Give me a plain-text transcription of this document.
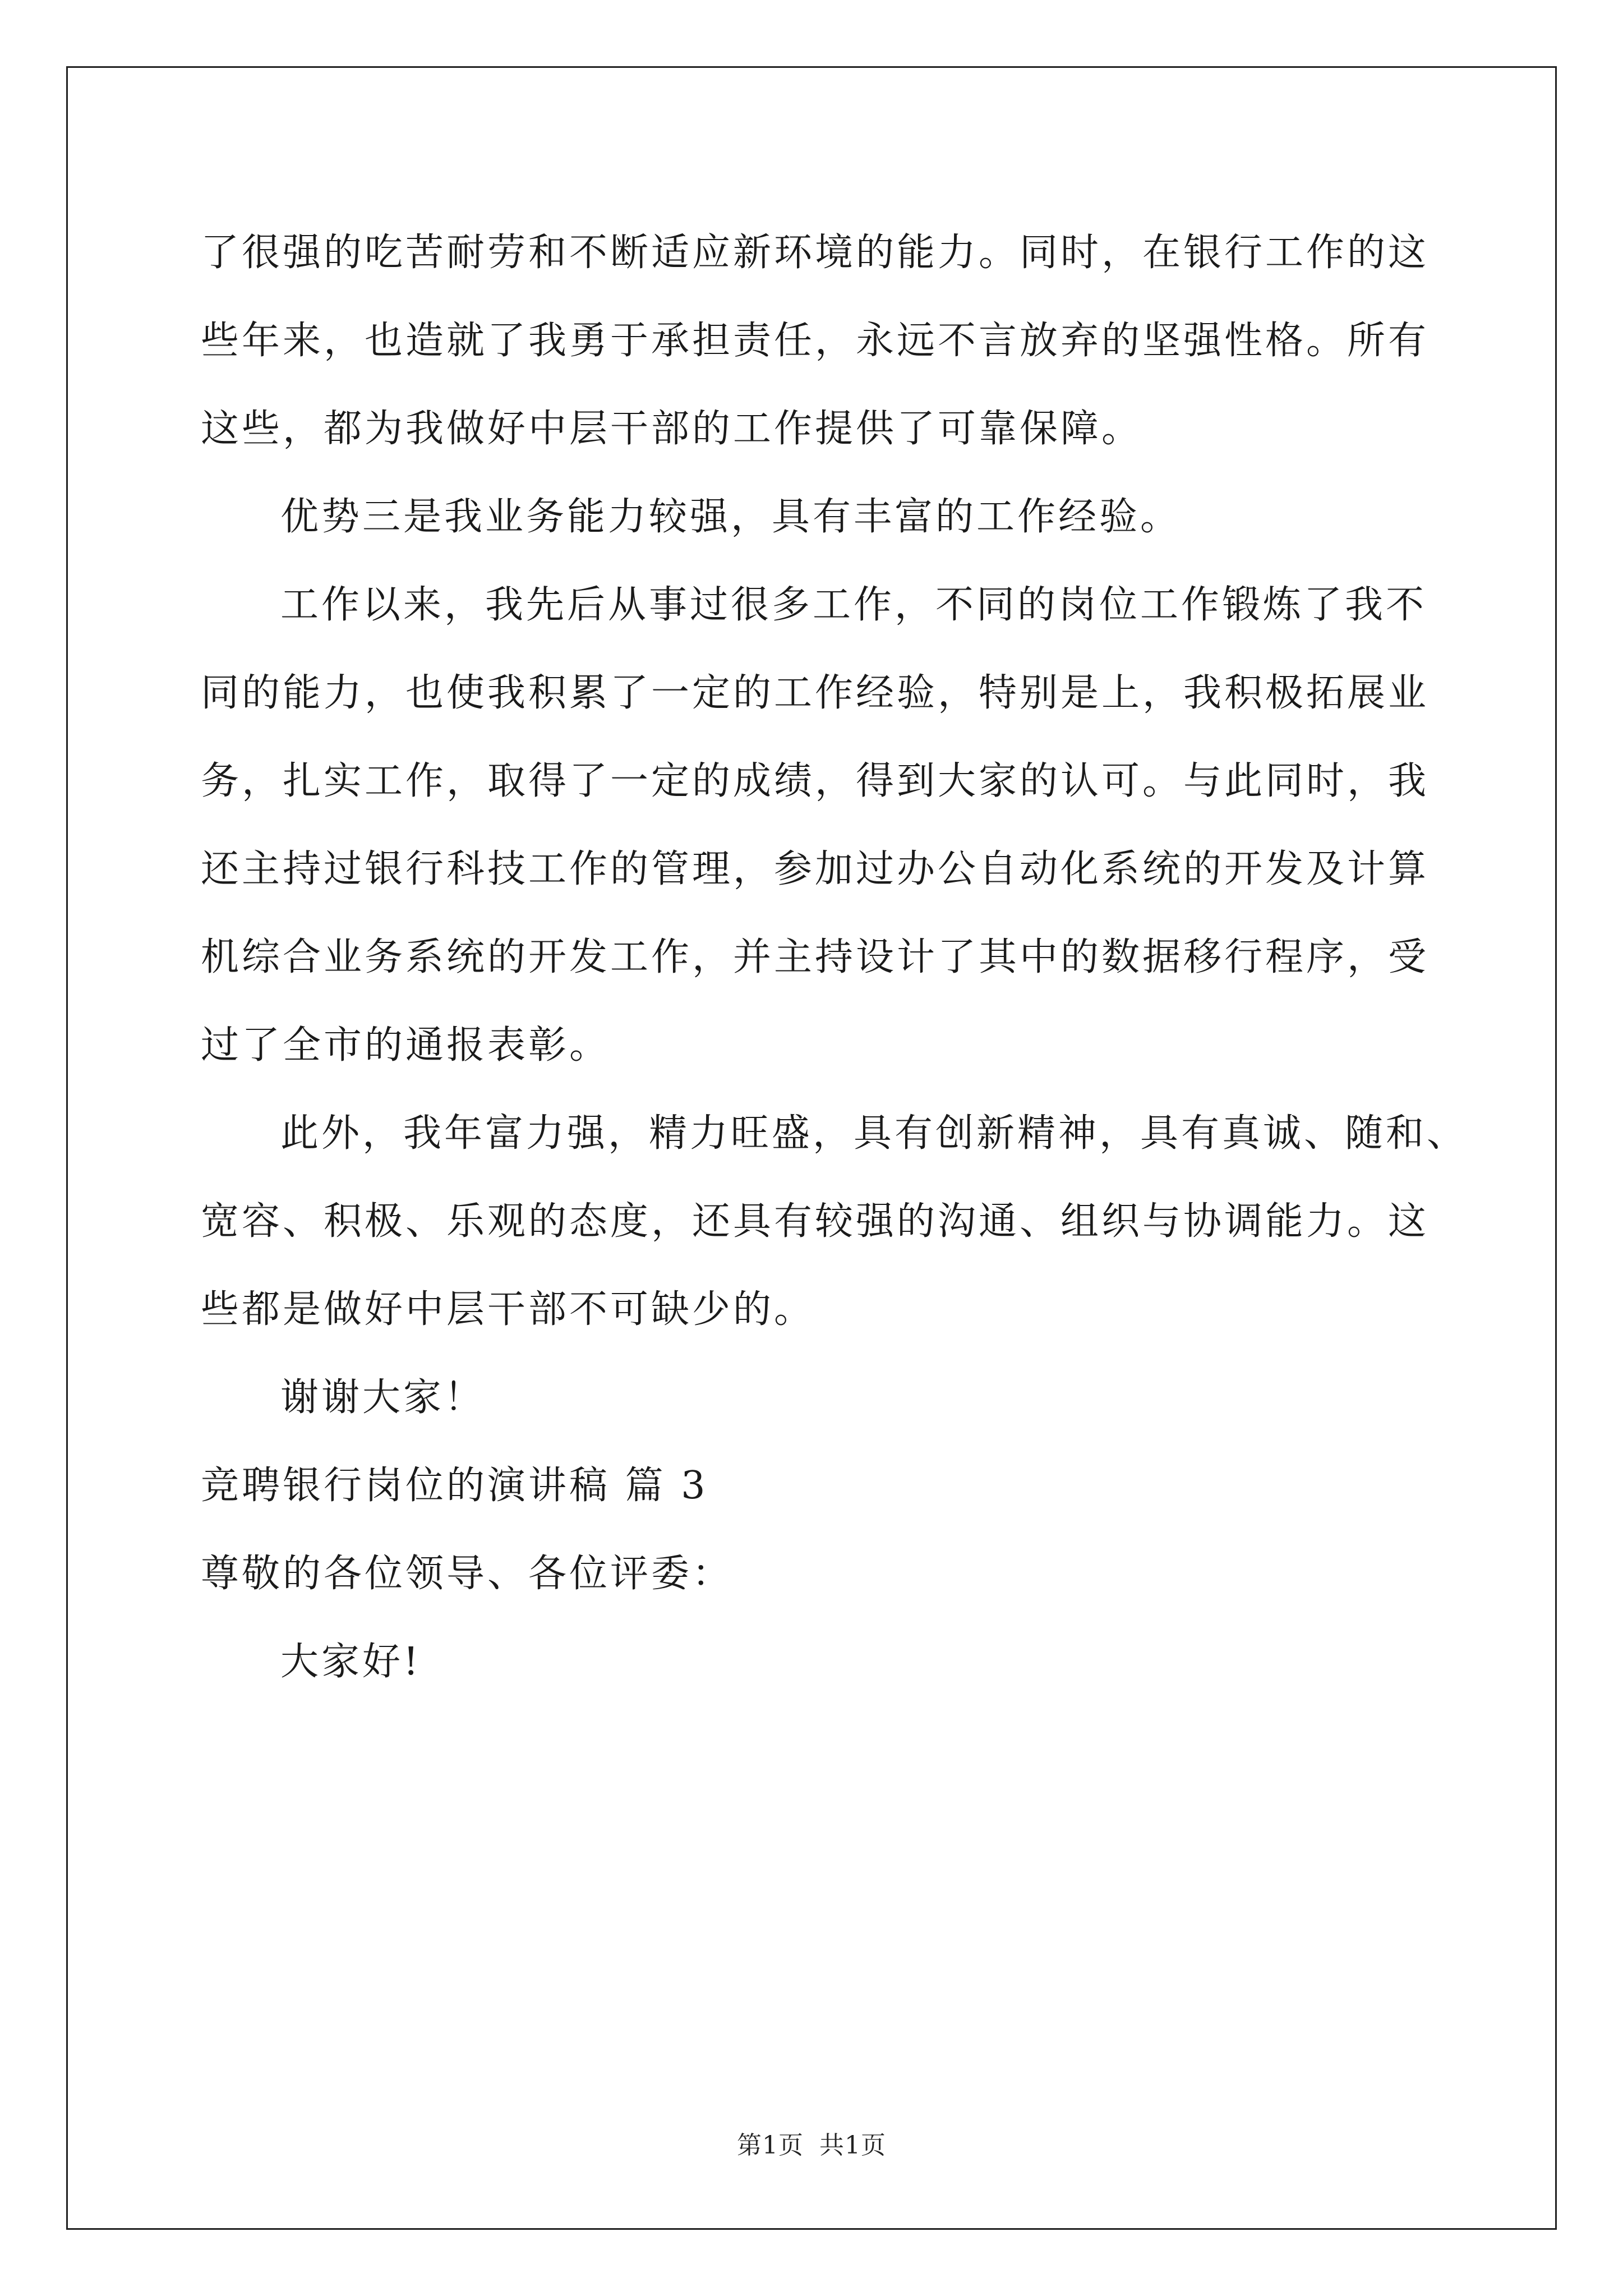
了很强的吃苦耐劳和不断适应新环境的能力。同时，在银行工作的这
些年来，也造就了我勇于承担责任，永远不言放弃的坚强性格。所有
这些，都为我做好中层干部的工作提供了可靠保障。
优势三是我业务能力较强，具有丰富的工作经验。
工作以来，我先后从事过很多工作，不同的岗位工作锻炼了我不
同的能力，也使我积累了一定的工作经验，特别是上，我积极拓展业
务，扎实工作，取得了一定的成绩，得到大家的认可。与此同时，我
还主持过银行科技工作的管理，参加过办公自动化系统的开发及计算
机综合业务系统的开发工作，并主持设计了其中的数据移行程序，受
过了全市的通报表彰。
此外，我年富力强，精力旺盛，具有创新精神，具有真诚、随和、
宽容、积极、乐观的态度，还具有较强的沟通、组织与协调能力。这
些都是做好中层干部不可缺少的。
谢谢大家！
竞聘银行岗位的演讲稿 篇 3
尊敬的各位领导、各位评委：
大家好!
第1页 共1页
